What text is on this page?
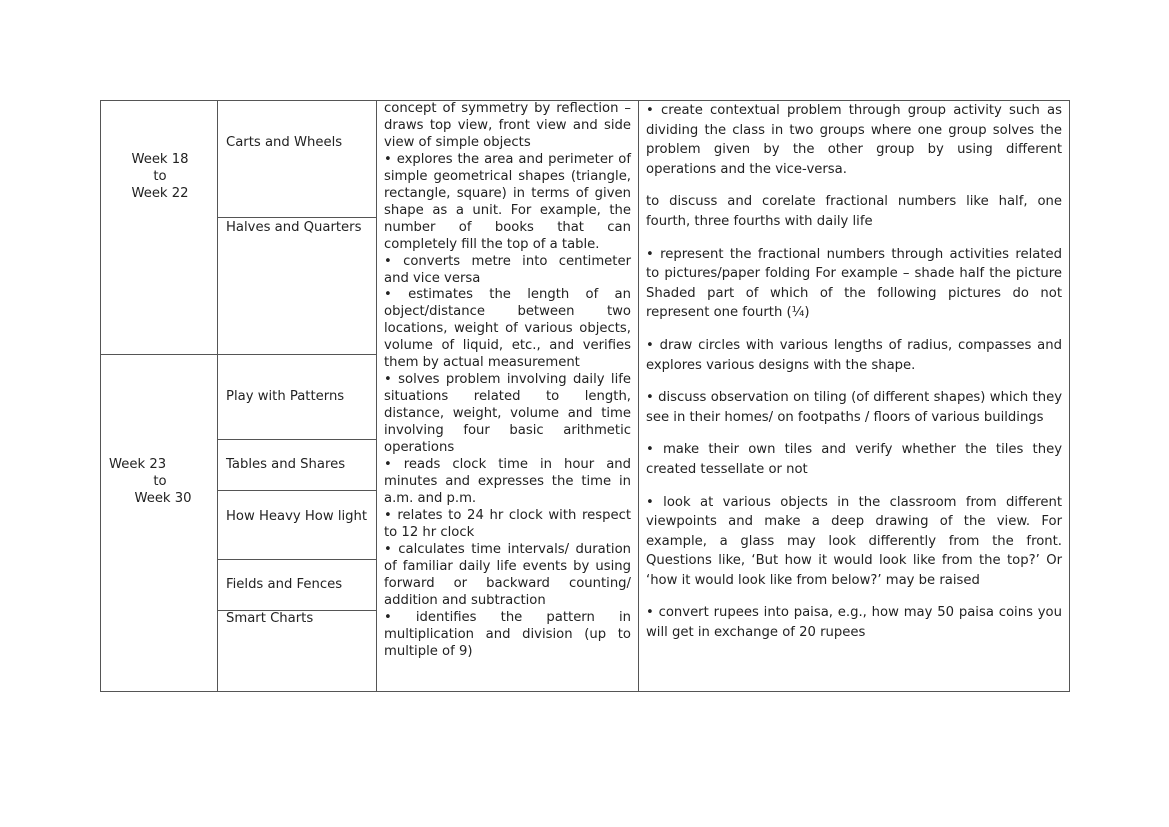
Week 18
to
Week 22
Week 23
to
Week 30
Carts and Wheels
Halves and Quarters
Play with Patterns
Tables and Shares
How Heavy How light
Fields and Fences
Smart Charts

concept of symmetry by reflection – draws top view, front view and side view of simple objects

• explores the area and perimeter of simple geometrical shapes (triangle, rectangle, square) in terms of given shape as a unit. For example, the number of books that can completely fill the top of a table.

• converts metre into centimeter and vice versa

• estimates the length of an object/distance between two locations, weight of various objects, volume of liquid, etc., and verifies them by actual measurement

• solves problem involving daily life situations related to length, distance, weight, volume and time involving four basic arithmetic operations

• reads clock time in hour and minutes and expresses the time in a.m. and p.m.

• relates to 24 hr clock with respect to 12 hr clock

• calculates time intervals/ duration of familiar daily life events by using forward or backward counting/ addition and subtraction

• identifies the pattern in multiplication and division (up to multiple of 9)

• create contextual problem through group activity such as dividing the class in two groups where one group solves the problem given by the other group by using different operations and the vice-versa.

to discuss and corelate fractional numbers like half, one fourth, three fourths with daily life

• represent the fractional numbers through activities related to pictures/paper folding For example – shade half the picture Shaded part of which of the following pictures do not represent one fourth (¼)

• draw circles with various lengths of radius, compasses and explores various designs with the shape.

• discuss observation on tiling (of different shapes) which they see in their homes/ on footpaths / floors of various buildings

• make their own tiles and verify whether the tiles they created tessellate or not

• look at various objects in the classroom from different viewpoints and make a deep drawing of the view. For example, a glass may look differently from the front. Questions like, ‘But how it would look like from the top?’ Or ‘how it would look like from below?’ may be raised

• convert rupees into paisa, e.g., how may 50 paisa coins you will get in exchange of 20 rupees
